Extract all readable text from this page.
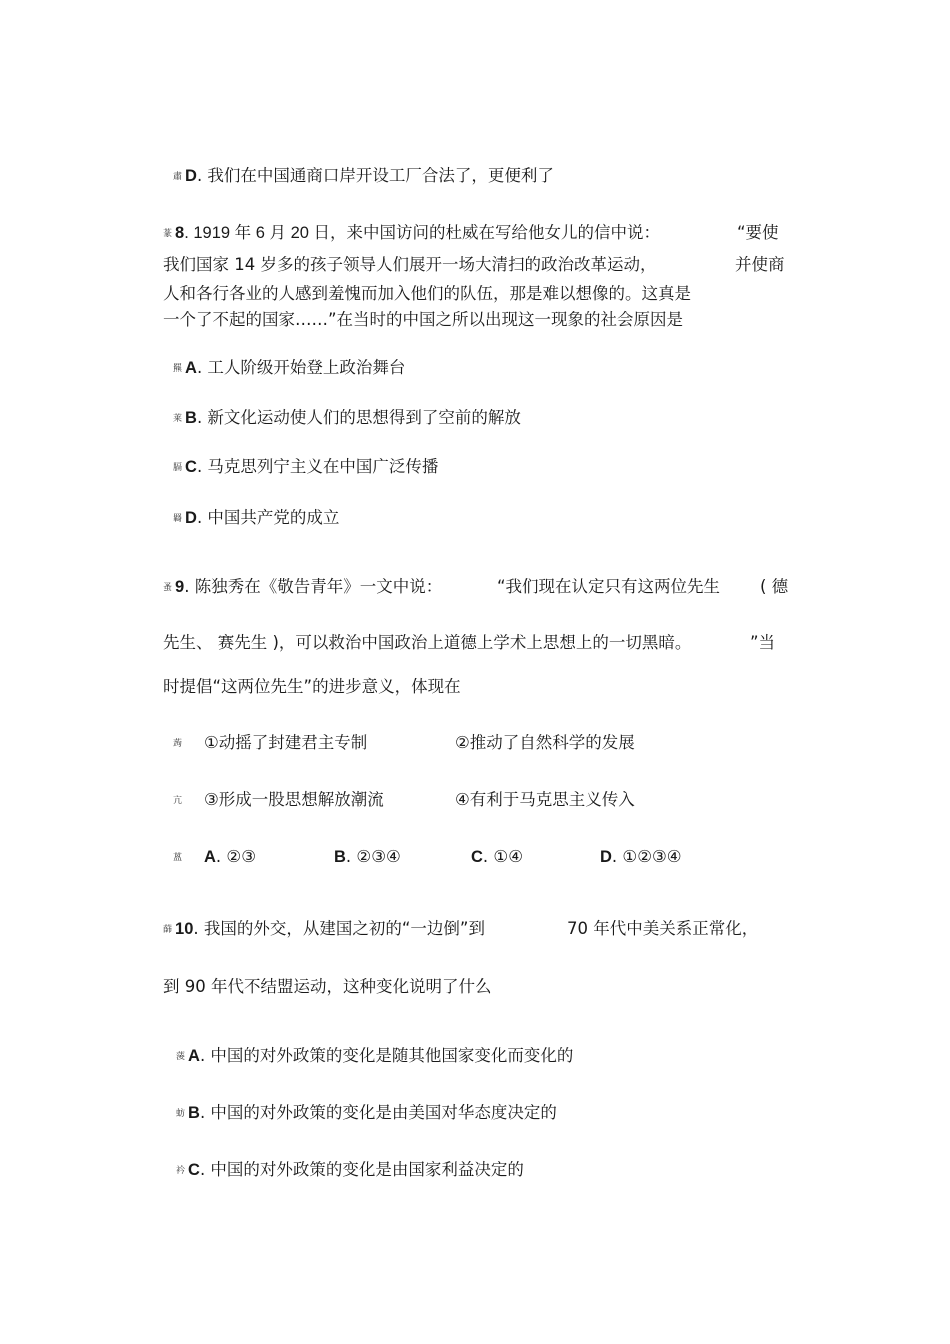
肅 D. 我们在中国通商口岸开设工厂合法了，更便利了
蒃 8. 1919 年 6 月 20 日，来中国访问的杜威在写给他女儿的信中说：	“要使
我们国家 14 岁多的孩子领导人们展开一场大清扫的政治改革运动，	并使商
人和各行各业的人感到羞愧而加入他们的队伍，那是难以想像的。这真是
一个了不起的国家……”在当时的中国之所以出现这一现象的社会原因是
羆 A. 工人阶级开始登上政治舞台
莱 B. 新文化运动使人们的思想得到了空前的解放
膈 C. 马克思列宁主义在中国广泛传播
羇 D. 中国共产党的成立
蚤 9. 陈独秀在《敬告青年》一文中说：	“我们现在认定只有这两位先生 ( 德
先生、 赛先生 )，可以救治中国政治上道德上学术上思想上的一切黑暗。	”当
时提倡“这两位先生”的进步意义，体现在
蒟 ①动摇了封建君主专制	②推动了自然科学的发展
亢 ③形成一股思想解放潮流	④有利于马克思主义传入
蒕 A. ②③	B. ②③④	C. ①④	D. ①②③④
蒒 10. 我国的外交，从建国之初的“一边倒”到	70 年代中美关系正常化，
到 90 年代不结盟运动，这种变化说明了什么
蔆 A. 中国的对外政策的变化是随其他国家变化而变化的
蚄 B. 中国的对外政策的变化是由美国对华态度决定的
衿 C. 中国的对外政策的变化是由国家利益决定的
